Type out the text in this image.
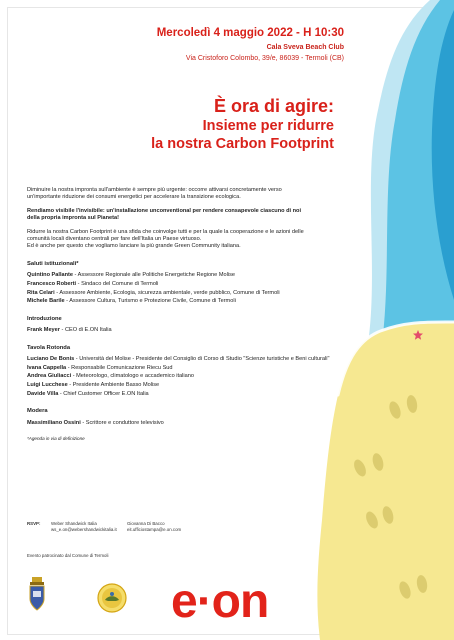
Mercoledì 4 maggio 2022 - H 10:30
Cala Sveva Beach Club
Via Cristoforo Colombo, 39/e, 86039 - Termoli (CB)
È ora di agire:
Insieme per ridurre
la nostra Carbon Footprint

Diminuire la nostra impronta sull'ambiente è sempre più urgente: occorre attivarsi concretamente verso un'importante riduzione dei consumi energetici per accelerare la transizione ecologica.

Rendiamo visibile l'invisibile: un'installazione unconventional per rendere consapevole ciascuno di noi della propria impronta sul Pianeta!

Ridurre la nostra Carbon Footprint è una sfida che coinvolge tutti e per la quale la cooperazione e le azioni delle comunità locali diventano centrali per fare dell'Italia un Paese virtuoso.
Ed è anche per questo che vogliamo lanciare la più grande Green Community italiana.

Saluti istituzionali*
Quintino Pallante - Assessore Regionale alle Politiche Energetiche Regione Molise
Francesco Roberti - Sindaco del Comune di Termoli
Rita Celari - Assessore Ambiente, Ecologia, sicurezza ambientale, verde pubblico, Comune di Termoli
Michele Barile - Assessore Cultura, Turismo e Protezione Civile, Comune di Termoli
Introduzione
Frank Meyer - CEO di E.ON Italia
Tavola Rotonda
Luciano De Bonis - Università del Molise - Presidente del Consiglio di Corso di Studio "Scienze turistiche e Beni culturali"
Ivana Cappella - Responsabile Comunicazione Riecu Sud
Andrea Giuliacci - Meteorologo, climatologo e accademico italiano
Luigi Lucchese - Presidente Ambiente Basso Molise
Davide Villa - Chief Customer Officer E.ON Italia
Modera
Massimiliano Ossini - Scrittore e conduttore televisivo
*Agenda in via di definizione
RSVP: Weber Shandwick Italia
ws_e.on@webershandwickitalia.it
Giovanna Di Bacco
eit.ufficiostampa@e.on.com
Evento patrocinato dal Comune di Termoli
e·on
